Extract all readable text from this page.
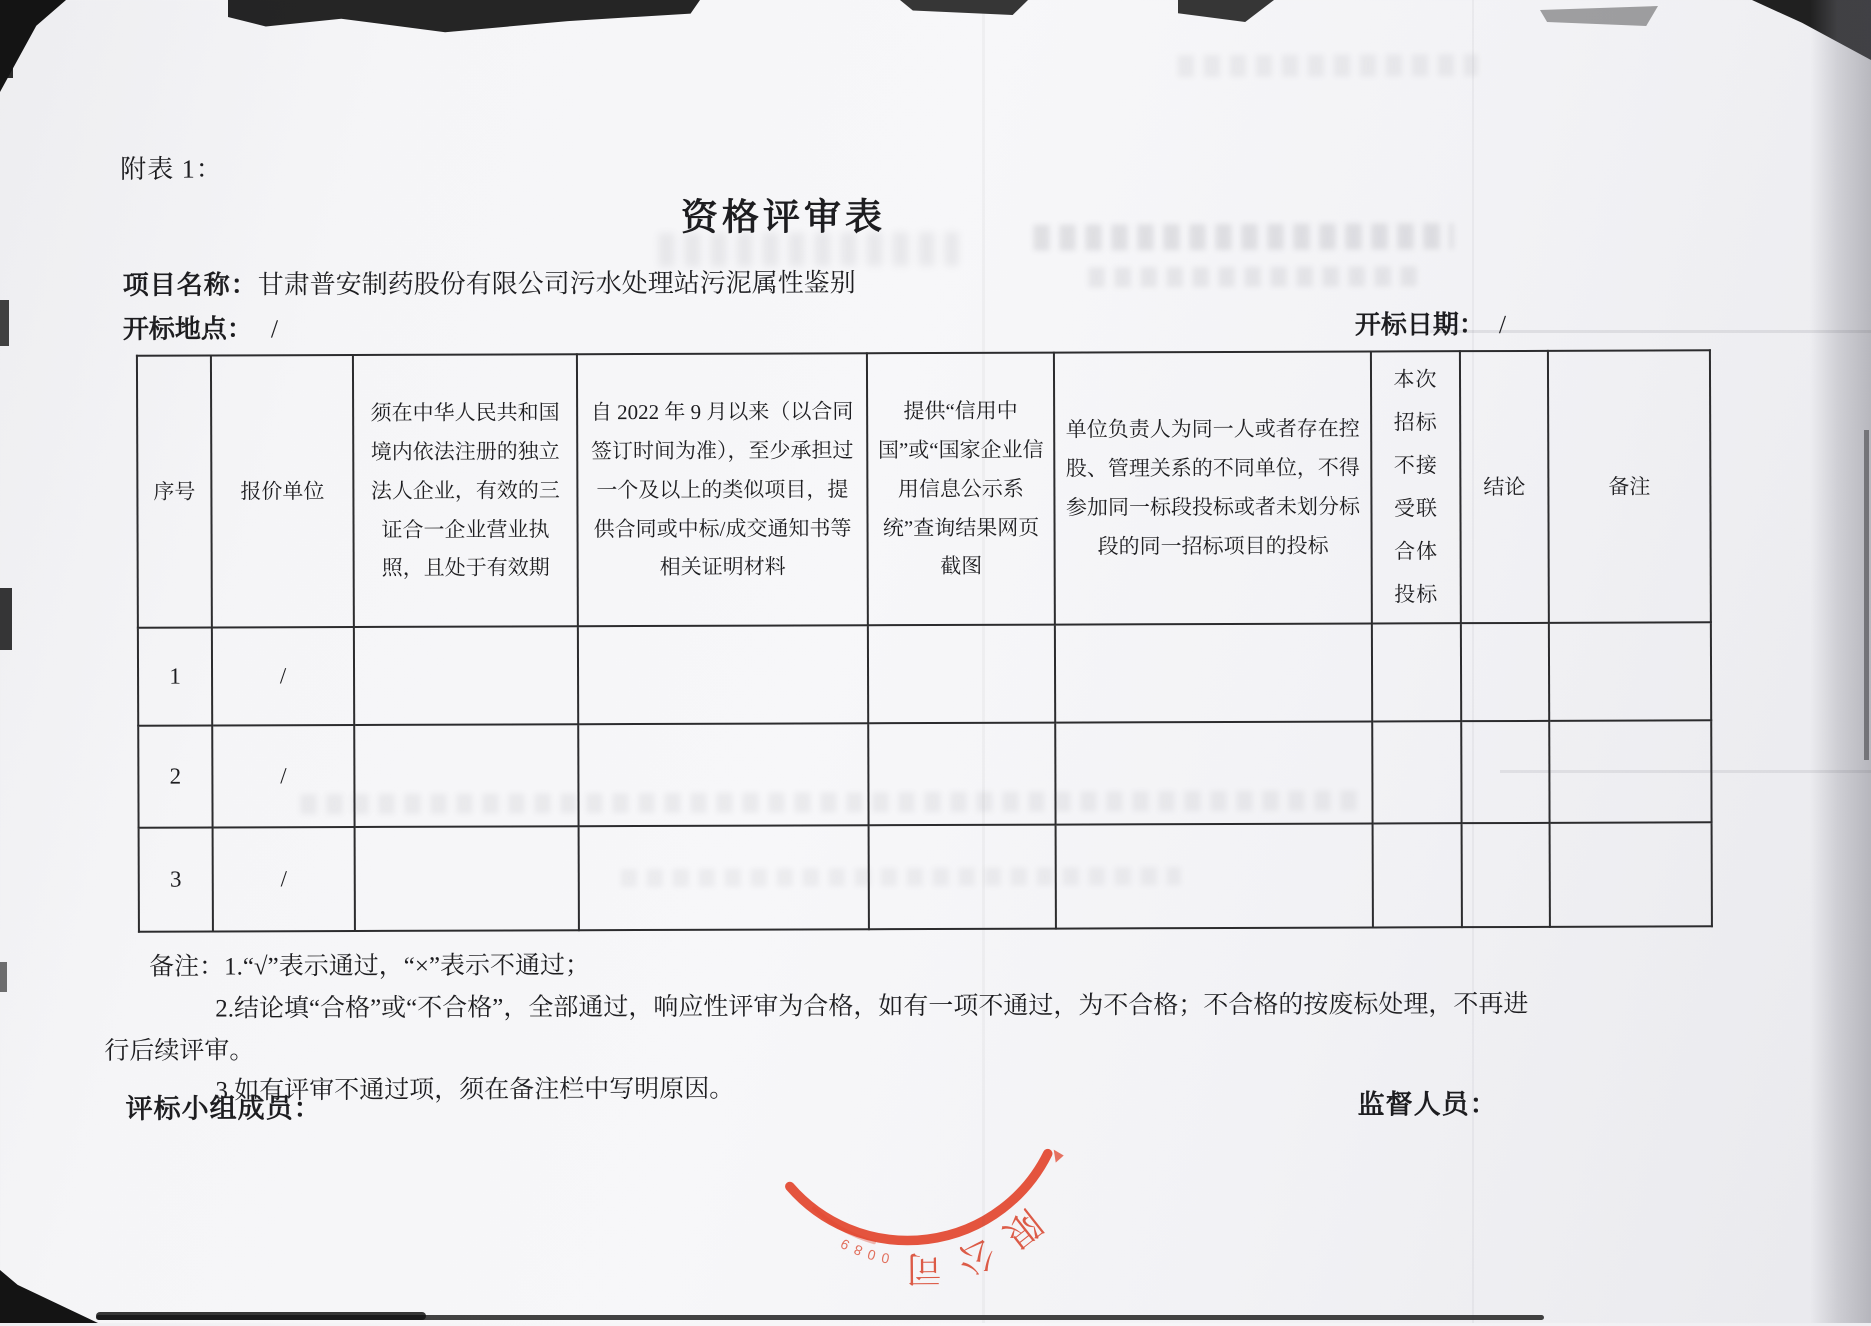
附表 1：
资格评审表
项目名称：甘肃普安制药股份有限公司污水处理站污泥属性鉴别
开标地点： /	开标日期： /
序号	报价单位	须在中华人民共和国境内依法注册的独立法人企业，有效的三证合一企业营业执照，且处于有效期	自 2022 年 9 月以来（以合同签订时间为准），至少承担过一个及以上的类似项目，提供合同或中标/成交通知书等相关证明材料	提供“信用中国”或“国家企业信用信息公示系统”查询结果网页截图	单位负责人为同一人或者存在控股、管理关系的不同单位，不得参加同一标段投标或者未划分标段的同一招标项目的投标	本次招标不接受联合体投标	结论	备注
1	/							
2	/							
3	/							
备注：1.“√”表示通过，“×”表示不通过；
2.结论填“合格”或“不合格”，全部通过，响应性评审为合格，如有一项不通过，为不合格；不合格的按废标处理，不再进
行后续评审。
3.如有评审不通过项，须在备注栏中写明原因。
评标小组成员：	监督人员：
限公司
0089
